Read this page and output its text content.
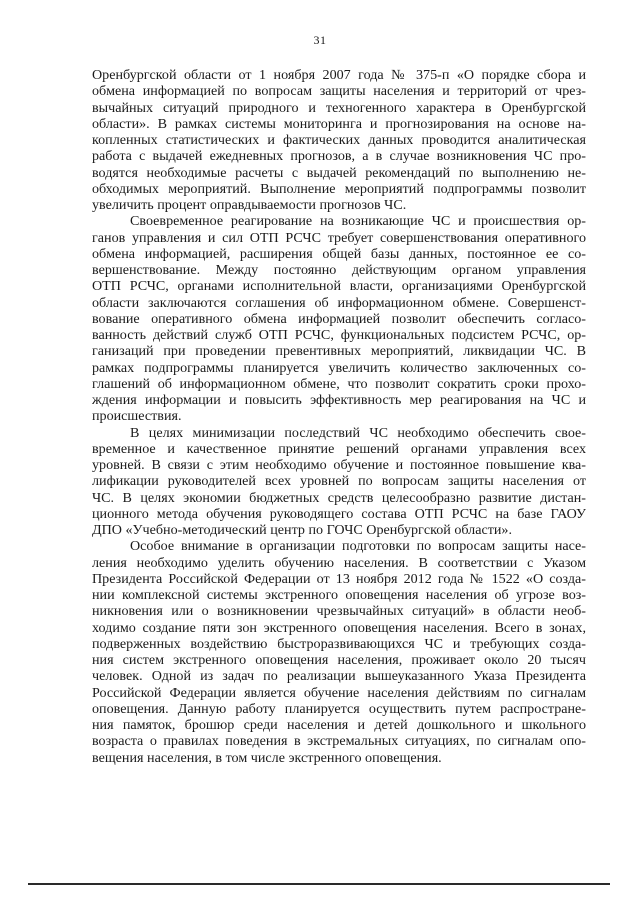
31
Оренбургской области от 1 ноября 2007 года № 375-п «О порядке сбора и
обмена информацией по вопросам защиты населения и территорий от чрез-
вычайных ситуаций природного и техногенного характера в Оренбургской
области». В рамках системы мониторинга и прогнозирования на основе на-
копленных статистических и фактических данных проводится аналитическая
работа с выдачей ежедневных прогнозов, а в случае возникновения ЧС про-
водятся необходимые расчеты с выдачей рекомендаций по выполнению не-
обходимых мероприятий. Выполнение мероприятий подпрограммы позволит
увеличить процент оправдываемости прогнозов ЧС.
Своевременное реагирование на возникающие ЧС и происшествия ор-
ганов управления и сил ОТП РСЧС требует совершенствования оперативного
обмена информацией, расширения общей базы данных, постоянное ее со-
вершенствование. Между постоянно действующим органом управления
ОТП РСЧС, органами исполнительной власти, организациями Оренбургской
области заключаются соглашения об информационном обмене. Совершенст-
вование оперативного обмена информацией позволит обеспечить согласо-
ванность действий служб ОТП РСЧС, функциональных подсистем РСЧС, ор-
ганизаций при проведении превентивных мероприятий, ликвидации ЧС. В
рамках подпрограммы планируется увеличить количество заключенных со-
глашений об информационном обмене, что позволит сократить сроки прохо-
ждения информации и повысить эффективность мер реагирования на ЧС и
происшествия.
В целях минимизации последствий ЧС необходимо обеспечить свое-
временное и качественное принятие решений органами управления всех
уровней. В связи с этим необходимо обучение и постоянное повышение ква-
лификации руководителей всех уровней по вопросам защиты населения от
ЧС. В целях экономии бюджетных средств целесообразно развитие дистан-
ционного метода обучения руководящего состава ОТП РСЧС на базе ГАОУ
ДПО «Учебно-методический центр по ГОЧС Оренбургской области».
Особое внимание в организации подготовки по вопросам защиты насе-
ления необходимо уделить обучению населения. В соответствии с Указом
Президента Российской Федерации от 13 ноября 2012 года № 1522 «О созда-
нии комплексной системы экстренного оповещения населения об угрозе воз-
никновения или о возникновении чрезвычайных ситуаций» в области необ-
ходимо создание пяти зон экстренного оповещения населения. Всего в зонах,
подверженных воздействию быстроразвивающихся ЧС и требующих созда-
ния систем экстренного оповещения населения, проживает около 20 тысяч
человек. Одной из задач по реализации вышеуказанного Указа Президента
Российской Федерации является обучение населения действиям по сигналам
оповещения. Данную работу планируется осуществить путем распростране-
ния памяток, брошюр среди населения и детей дошкольного и школьного
возраста о правилах поведения в экстремальных ситуациях, по сигналам опо-
вещения населения, в том числе экстренного оповещения.
